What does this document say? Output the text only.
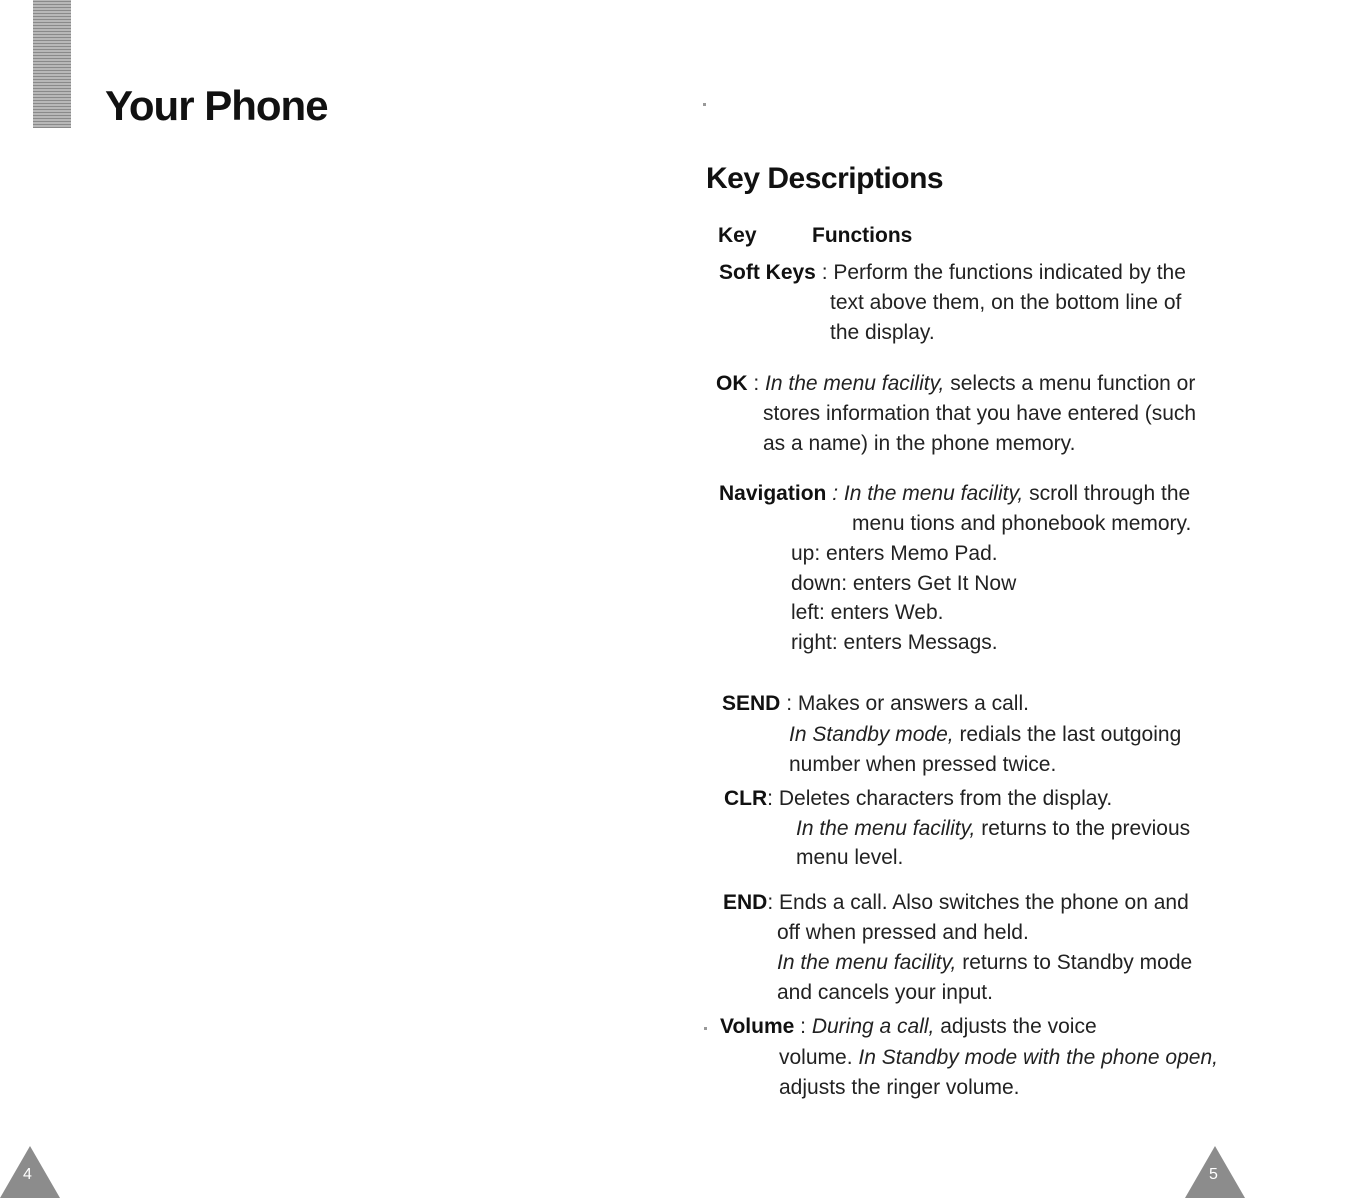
Your Phone
4
Key Descriptions
Key	Functions
Soft Keys : Perform the functions indicated by the
text above them, on the bottom line of
the display.
OK : In the menu facility, selects a menu function or
stores information that you have entered (such
as a name) in the phone memory.
Navigation : In the menu facility, scroll through the
menu tions and phonebook memory.
up: enters Memo Pad.
down: enters Get It Now
left: enters Web.
right: enters Messags.
SEND : Makes or answers a call.
In Standby mode, redials the last outgoing
number when pressed twice.
CLR: Deletes characters from the display.
In the menu facility, returns to the previous
menu level.
END: Ends a call. Also switches the phone on and
off when pressed and held.
In the menu facility, returns to Standby mode
and cancels your input.
Volume : During a call, adjusts the voice
volume. In Standby mode with the phone open,
adjusts the ringer volume.
5
